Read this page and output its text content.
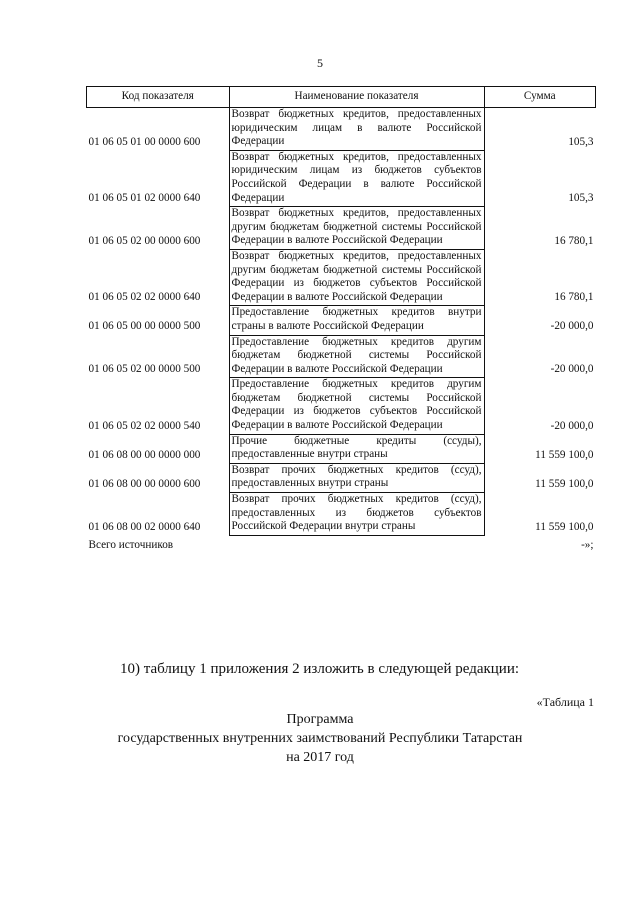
5
Код показателя	Наименование показателя	Сумма
01 06 05 01 00 0000 600	Возврат бюджетных кредитов, предоставленных юридическим лицам в валюте Российской Федерации	105,3
01 06 05 01 02 0000 640	Возврат бюджетных кредитов, предоставленных юридическим лицам из бюджетов субъектов Российской Федерации в валюте Российской Федерации	105,3
01 06 05 02 00 0000 600	Возврат бюджетных кредитов, предоставленных другим бюджетам бюджетной системы Российской Федерации в валюте Российской Федерации	16 780,1
01 06 05 02 02 0000 640	Возврат бюджетных кредитов, предоставленных другим бюджетам бюджетной системы Российской Федерации из бюджетов субъектов Российской Федерации в валюте Российской Федерации	16 780,1
01 06 05 00 00 0000 500	Предоставление бюджетных кредитов внутри страны в валюте Российской Федерации	-20 000,0
01 06 05 02 00 0000 500	Предоставление бюджетных кредитов другим бюджетам бюджетной системы Российской Федерации в валюте Российской Федерации	-20 000,0
01 06 05 02 02 0000 540	Предоставление бюджетных кредитов другим бюджетам бюджетной системы Российской Федерации из бюджетов субъектов Российской Федерации в валюте Российской Федерации	-20 000,0
01 06 08 00 00 0000 000	Прочие бюджетные кредиты (ссуды), предоставленные внутри страны	11 559 100,0
01 06 08 00 00 0000 600	Возврат прочих бюджетных кредитов (ссуд), предоставленных внутри страны	11 559 100,0
01 06 08 00 02 0000 640	Возврат прочих бюджетных кредитов (ссуд), предоставленных из бюджетов субъектов Российской Федерации внутри страны	11 559 100,0
Всего источников		-»;
10) таблицу 1 приложения 2 изложить в следующей редакции:
«Таблица 1
Программа
государственных внутренних заимствований Республики Татарстан
на 2017 год
